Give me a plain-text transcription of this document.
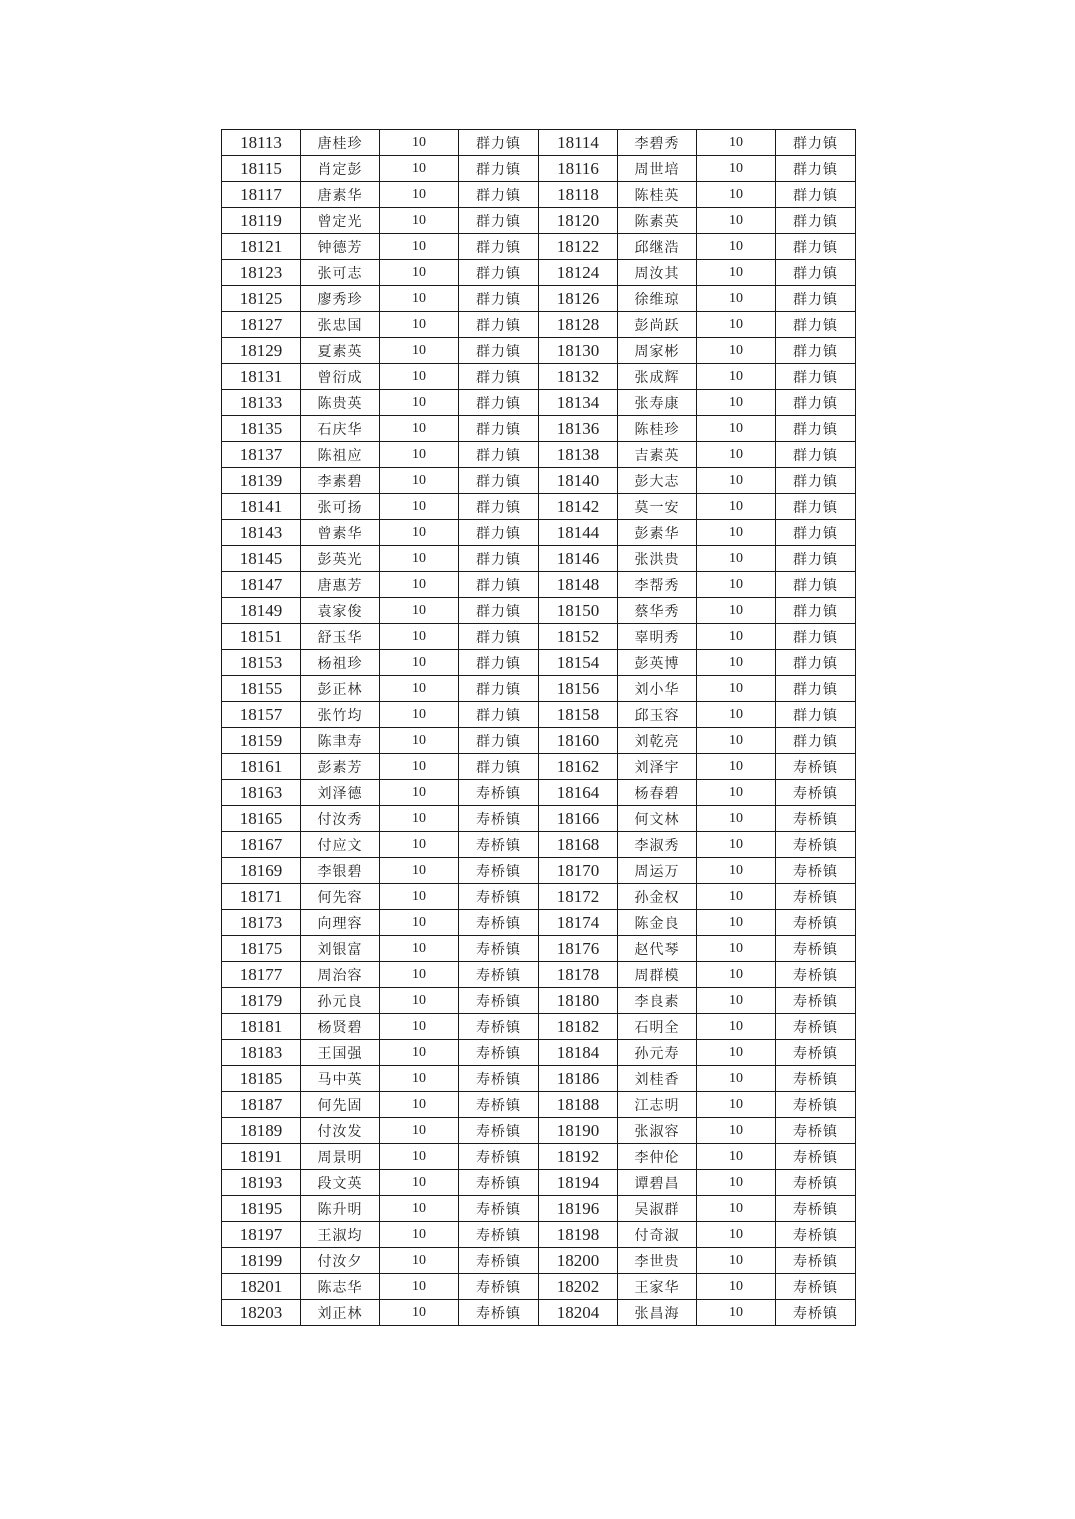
18113	唐桂珍	10	群力镇	18114	李碧秀	10	群力镇
18115	肖定彭	10	群力镇	18116	周世培	10	群力镇
18117	唐素华	10	群力镇	18118	陈桂英	10	群力镇
18119	曾定光	10	群力镇	18120	陈素英	10	群力镇
18121	钟德芳	10	群力镇	18122	邱继浩	10	群力镇
18123	张可志	10	群力镇	18124	周汝其	10	群力镇
18125	廖秀珍	10	群力镇	18126	徐维琼	10	群力镇
18127	张忠国	10	群力镇	18128	彭尚跃	10	群力镇
18129	夏素英	10	群力镇	18130	周家彬	10	群力镇
18131	曾衍成	10	群力镇	18132	张成辉	10	群力镇
18133	陈贵英	10	群力镇	18134	张寿康	10	群力镇
18135	石庆华	10	群力镇	18136	陈桂珍	10	群力镇
18137	陈祖应	10	群力镇	18138	吉素英	10	群力镇
18139	李素碧	10	群力镇	18140	彭大志	10	群力镇
18141	张可扬	10	群力镇	18142	莫一安	10	群力镇
18143	曾素华	10	群力镇	18144	彭素华	10	群力镇
18145	彭英光	10	群力镇	18146	张洪贵	10	群力镇
18147	唐惠芳	10	群力镇	18148	李帮秀	10	群力镇
18149	袁家俊	10	群力镇	18150	蔡华秀	10	群力镇
18151	舒玉华	10	群力镇	18152	辜明秀	10	群力镇
18153	杨祖珍	10	群力镇	18154	彭英博	10	群力镇
18155	彭正林	10	群力镇	18156	刘小华	10	群力镇
18157	张竹均	10	群力镇	18158	邱玉容	10	群力镇
18159	陈聿寿	10	群力镇	18160	刘乾亮	10	群力镇
18161	彭素芳	10	群力镇	18162	刘泽宇	10	寿桥镇
18163	刘泽德	10	寿桥镇	18164	杨春碧	10	寿桥镇
18165	付汝秀	10	寿桥镇	18166	何文林	10	寿桥镇
18167	付应文	10	寿桥镇	18168	李淑秀	10	寿桥镇
18169	李银碧	10	寿桥镇	18170	周运万	10	寿桥镇
18171	何先容	10	寿桥镇	18172	孙金权	10	寿桥镇
18173	向理容	10	寿桥镇	18174	陈金良	10	寿桥镇
18175	刘银富	10	寿桥镇	18176	赵代琴	10	寿桥镇
18177	周治容	10	寿桥镇	18178	周群模	10	寿桥镇
18179	孙元良	10	寿桥镇	18180	李良素	10	寿桥镇
18181	杨贤碧	10	寿桥镇	18182	石明全	10	寿桥镇
18183	王国强	10	寿桥镇	18184	孙元寿	10	寿桥镇
18185	马中英	10	寿桥镇	18186	刘桂香	10	寿桥镇
18187	何先固	10	寿桥镇	18188	江志明	10	寿桥镇
18189	付汝发	10	寿桥镇	18190	张淑容	10	寿桥镇
18191	周景明	10	寿桥镇	18192	李仲伦	10	寿桥镇
18193	段文英	10	寿桥镇	18194	谭碧昌	10	寿桥镇
18195	陈升明	10	寿桥镇	18196	吴淑群	10	寿桥镇
18197	王淑均	10	寿桥镇	18198	付奇淑	10	寿桥镇
18199	付汝夕	10	寿桥镇	18200	李世贵	10	寿桥镇
18201	陈志华	10	寿桥镇	18202	王家华	10	寿桥镇
18203	刘正林	10	寿桥镇	18204	张昌海	10	寿桥镇
